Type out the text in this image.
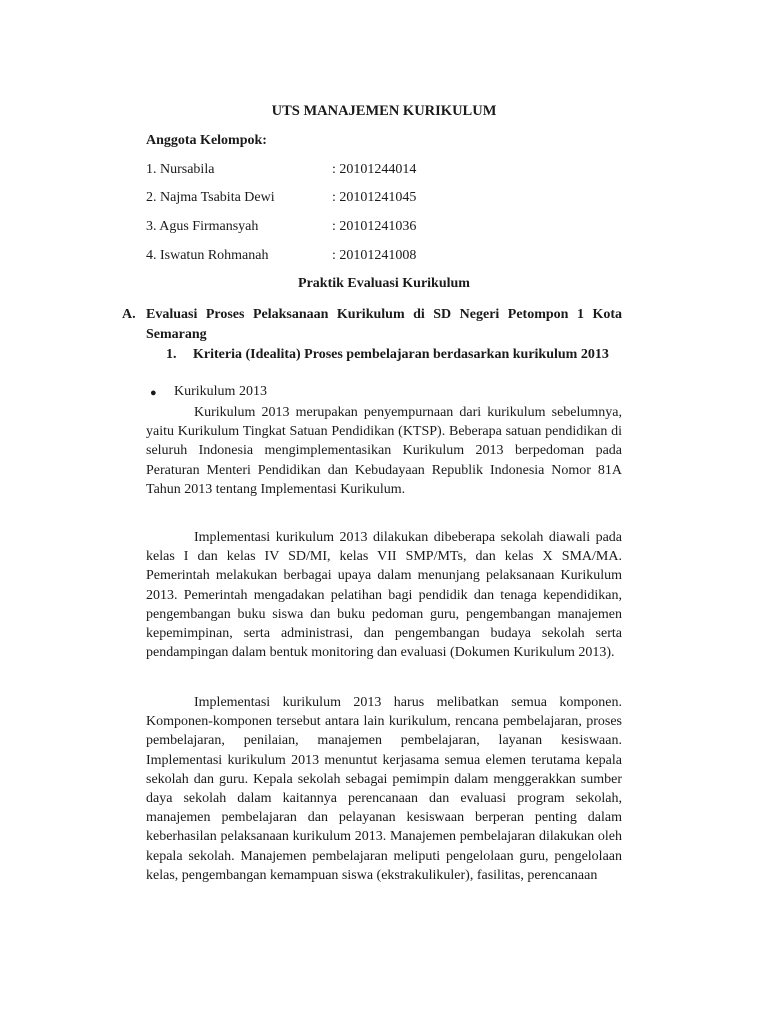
UTS MANAJEMEN KURIKULUM
Anggota Kelompok:
1. Nursabila	: 20101244014
2. Najma Tsabita Dewi	: 20101241045
3. Agus Firmansyah	: 20101241036
4. Iswatun Rohmanah	: 20101241008
Praktik Evaluasi Kurikulum
A. Evaluasi Proses Pelaksanaan Kurikulum di SD Negeri Petompon 1 Kota Semarang
1. Kriteria (Idealita) Proses pembelajaran berdasarkan kurikulum 2013
● Kurikulum 2013

Kurikulum 2013 merupakan penyempurnaan dari kurikulum sebelumnya, yaitu Kurikulum Tingkat Satuan Pendidikan (KTSP). Beberapa satuan pendidikan di seluruh Indonesia mengimplementasikan Kurikulum 2013 berpedoman pada Peraturan Menteri Pendidikan dan Kebudayaan Republik Indonesia Nomor 81A Tahun 2013 tentang Implementasi Kurikulum.

Implementasi kurikulum 2013 dilakukan dibeberapa sekolah diawali pada kelas I dan kelas IV SD/MI, kelas VII SMP/MTs, dan kelas X SMA/MA. Pemerintah melakukan berbagai upaya dalam menunjang pelaksanaan Kurikulum 2013. Pemerintah mengadakan pelatihan bagi pendidik dan tenaga kependidikan, pengembangan buku siswa dan buku pedoman guru, pengembangan manajemen kepemimpinan, serta administrasi, dan pengembangan budaya sekolah serta pendampingan dalam bentuk monitoring dan evaluasi (Dokumen Kurikulum 2013).

Implementasi kurikulum 2013 harus melibatkan semua komponen. Komponen-komponen tersebut antara lain kurikulum, rencana pembelajaran, proses pembelajaran, penilaian, manajemen pembelajaran, layanan kesiswaan. Implementasi kurikulum 2013 menuntut kerjasama semua elemen terutama kepala sekolah dan guru. Kepala sekolah sebagai pemimpin dalam menggerakkan sumber daya sekolah dalam kaitannya perencanaan dan evaluasi program sekolah, manajemen pembelajaran dan pelayanan kesiswaan berperan penting dalam keberhasilan pelaksanaan kurikulum 2013. Manajemen pembelajaran dilakukan oleh kepala sekolah. Manajemen pembelajaran meliputi pengelolaan guru, pengelolaan kelas, pengembangan kemampuan siswa (ekstrakulikuler), fasilitas, perencanaan
